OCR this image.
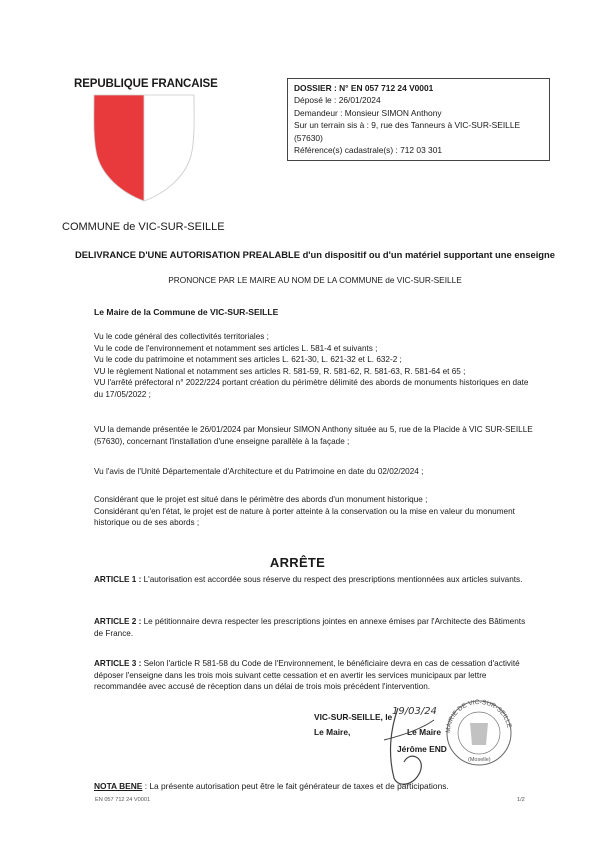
REPUBLIQUE FRANCAISE
COMMUNE de VIC-SUR-SEILLE
DOSSIER : N° EN 057 712 24 V0001
Déposé le : 26/01/2024
Demandeur : Monsieur SIMON Anthony
Sur un terrain sis à : 9, rue des Tanneurs à VIC-SUR-SEILLE
(57630)
Référence(s) cadastrale(s) : 712 03 301
DELIVRANCE D'UNE AUTORISATION PREALABLE d'un dispositif ou d'un matériel supportant une enseigne
PRONONCE PAR LE MAIRE AU NOM DE LA COMMUNE de VIC-SUR-SEILLE
Le Maire de la Commune de VIC-SUR-SEILLE
Vu le code général des collectivités territoriales ;
Vu le code de l'environnement et notamment ses articles L. 581-4 et suivants ;
Vu le code du patrimoine et notamment ses articles L. 621-30, L. 621-32 et L. 632-2 ;
VU le règlement National et notamment ses articles R. 581-59, R. 581-62, R. 581-63, R. 581-64 et 65 ;
VU l'arrêté préfectoral n° 2022/224 portant création du périmètre délimité des abords de monuments historiques en date du 17/05/2022 ;
VU la demande présentée le 26/01/2024 par Monsieur SIMON Anthony située au 5, rue de la Placide à VIC SUR-SEILLE (57630), concernant l'installation d'une enseigne parallèle à la façade ;
Vu l'avis de l'Unité Départementale d'Architecture et du Patrimoine en date du 02/02/2024 ;
Considérant que le projet est situé dans le périmètre des abords d'un monument historique ;
Considérant qu'en l'état, le projet est de nature à porter atteinte à la conservation ou la mise en valeur du monument historique ou de ses abords ;
ARRÊTE
ARTICLE 1 : L'autorisation est accordée sous réserve du respect des prescriptions mentionnées aux articles suivants.
ARTICLE 2 : Le pétitionnaire devra respecter les prescriptions jointes en annexe émises par l'Architecte des Bâtiments de France.
ARTICLE 3 : Selon l'article R 581-58 du Code de l'Environnement, le bénéficiaire devra en cas de cessation d'activité déposer l'enseigne dans les trois mois suivant cette cessation et en avertir les services municipaux par lettre recommandée avec accusé de réception dans un délai de trois mois précédent l'intervention.
VIC-SUR-SEILLE, le 19/03/24
Le Maire,	Le Maire
Jérôme END
MAIRIE DE VIC-SUR-SEILLE
(Moselle)
NOTA BENE : La présente autorisation peut être le fait générateur de taxes et de participations.
EN 057 712 24 V0001	1/2
